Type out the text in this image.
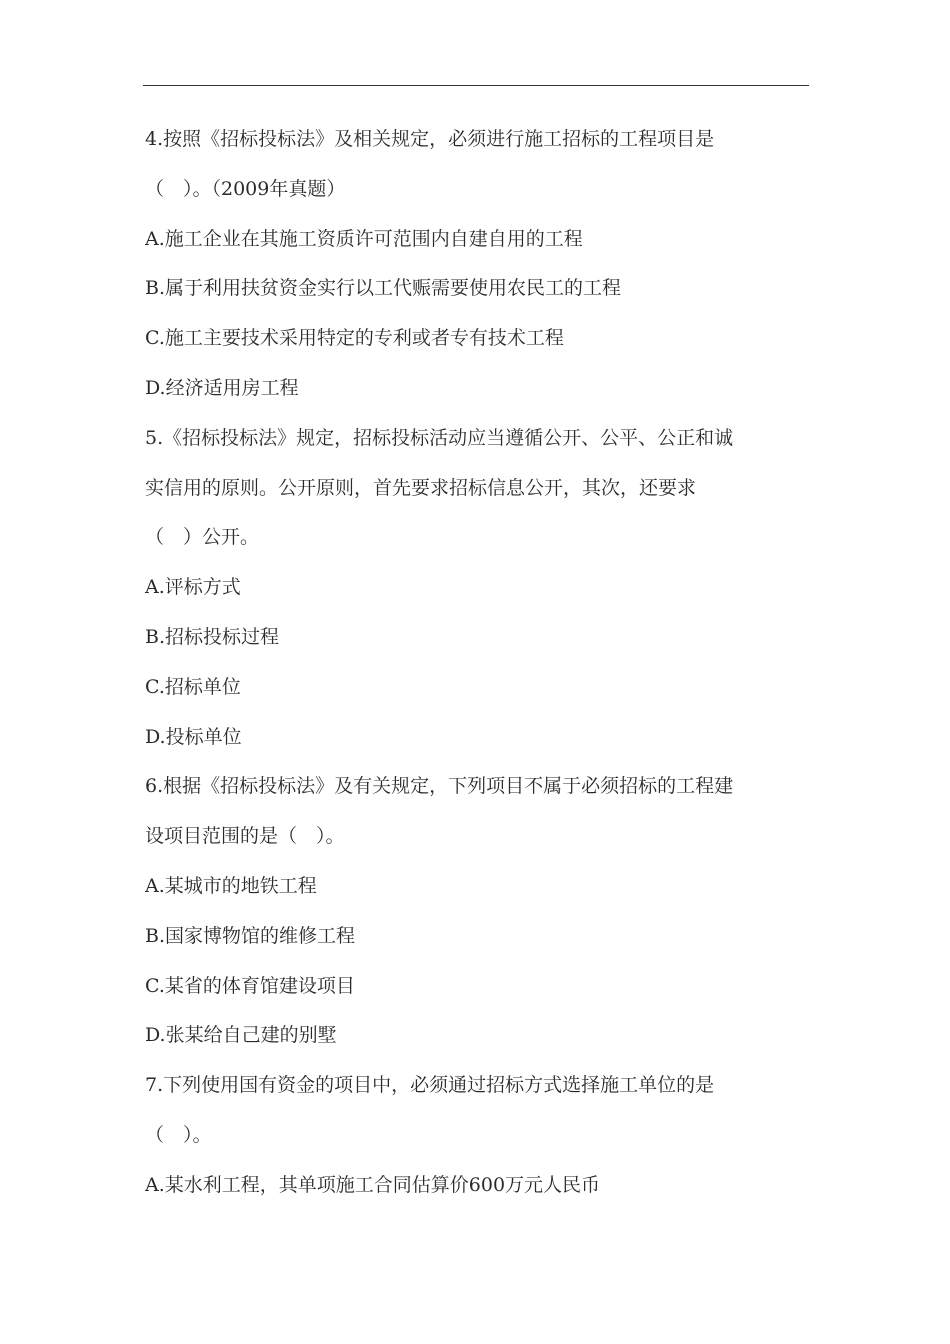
4.按照《招标投标法》及相关规定，必须进行施工招标的工程项目是
（　）。（2009年真题）
A.施工企业在其施工资质许可范围内自建自用的工程
B.属于利用扶贫资金实行以工代赈需要使用农民工的工程
C.施工主要技术采用特定的专利或者专有技术工程
D.经济适用房工程
5.《招标投标法》规定，招标投标活动应当遵循公开、公平、公正和诚
实信用的原则。公开原则，首先要求招标信息公开，其次，还要求
（　）公开。
A.评标方式
B.招标投标过程
C.招标单位
D.投标单位
6.根据《招标投标法》及有关规定，下列项目不属于必须招标的工程建
设项目范围的是（　）。
A.某城市的地铁工程
B.国家博物馆的维修工程
C.某省的体育馆建设项目
D.张某给自己建的别墅
7.下列使用国有资金的项目中，必须通过招标方式选择施工单位的是
（　）。
A.某水利工程，其单项施工合同估算价600万元人民币
